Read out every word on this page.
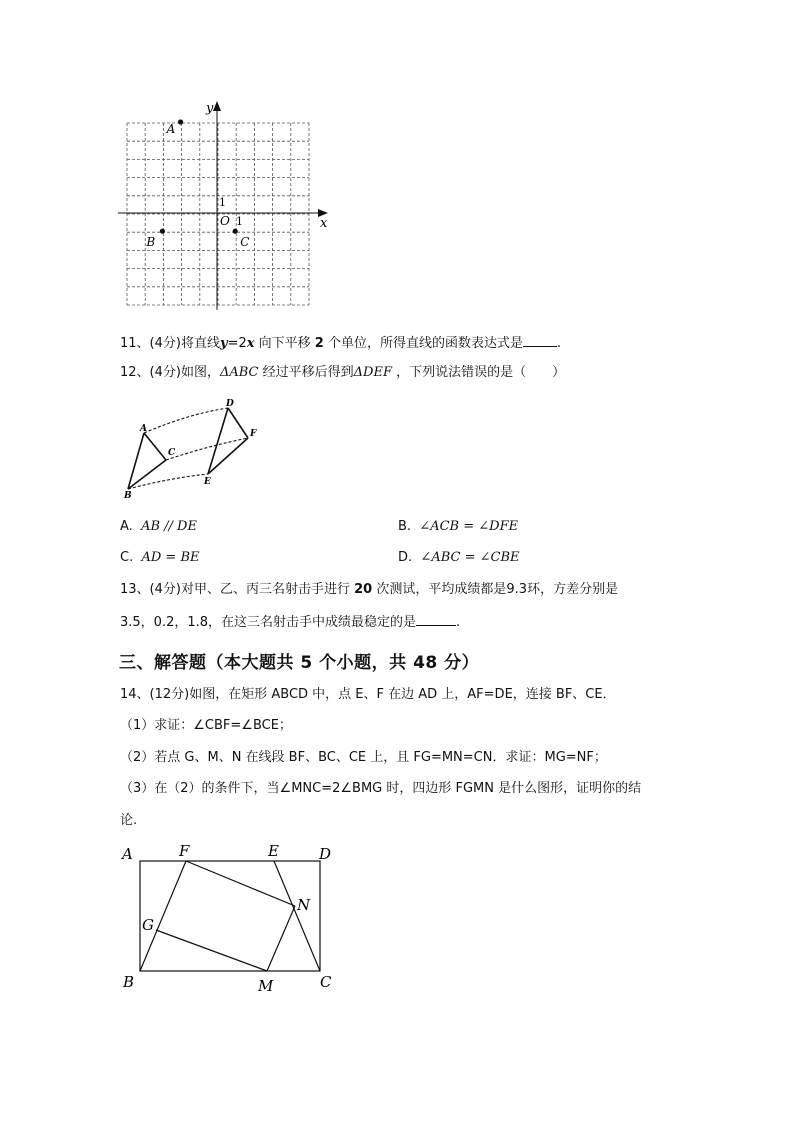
y
x
O 1
1
A
B	C
11、(4分)将直线y=2x 向下平移 2 个单位，所得直线的函数表达式是	.
12、(4分)如图，ΔABC 经过平移后得到ΔDEF ，下列说法错误的是（　　）
A
B
C
D
E
F
A. AB // DE	B. ∠ACB = ∠DFE
C. AD = BE	D. ∠ABC = ∠CBE
13、(4分)对甲、乙、丙三名射击手进行 20 次测试，平均成绩都是9.3环，方差分别是
3.5，0.2，1.8，在这三名射击手中成绩最稳定的是	.
三、解答题（本大题共 5 个小题，共 48 分）
14、(12分)如图，在矩形 ABCD 中，点 E、F 在边 AD 上，AF=DE，连接 BF、CE．
（1）求证：∠CBF=∠BCE；
（2）若点 G、M、N 在线段 BF、BC、CE 上，且 FG=MN=CN．求证：MG=NF；
（3）在（2）的条件下，当∠MNC=2∠BMG 时，四边形 FGMN 是什么图形，证明你的结
论.
A	F	E	D
G
N
B	M	C
